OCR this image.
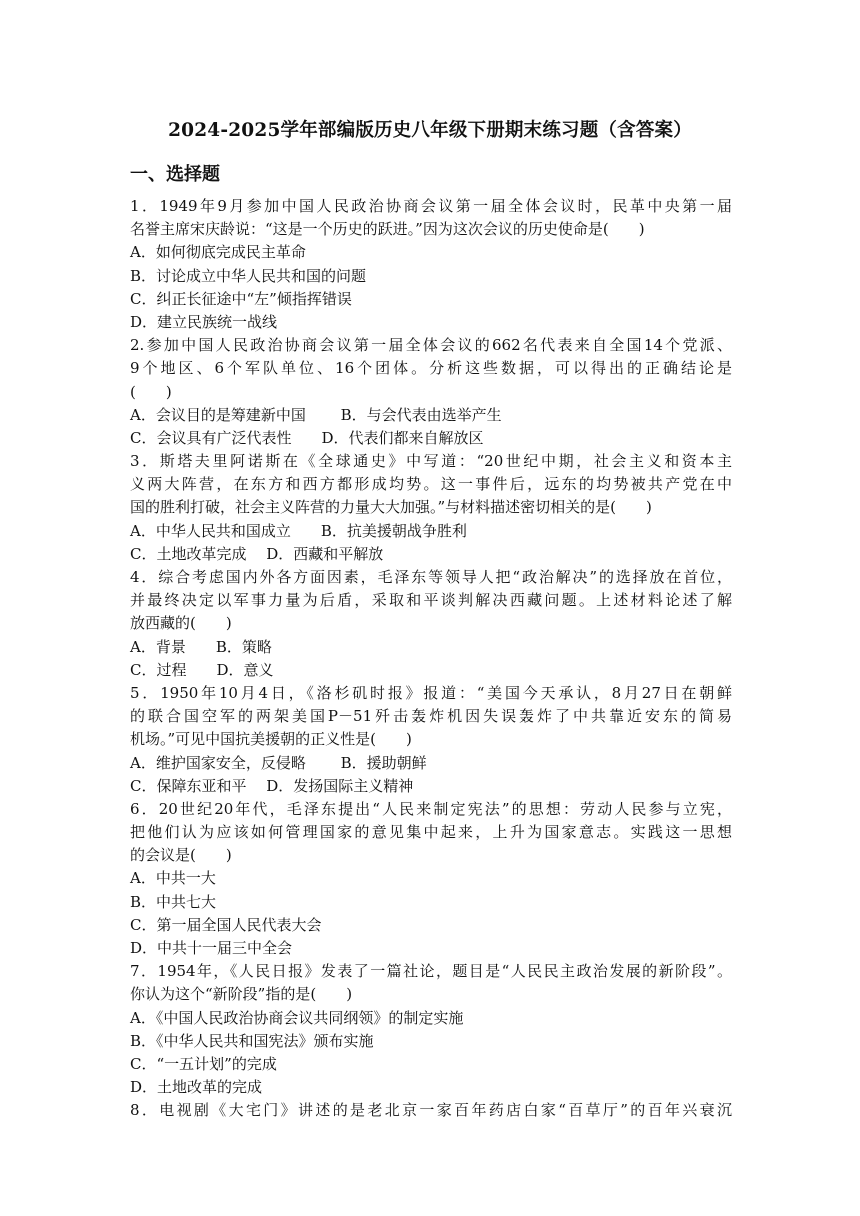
2024-2025学年部编版历史八年级下册期末练习题（含答案）
一、选择题
1．1949年9月参加中国人民政治协商会议第一届全体会议时，民革中央第一届
名誉主席宋庆龄说：“这是一个历史的跃进。”因为这次会议的历史使命是(　　)
A．如何彻底完成民主革命
B．讨论成立中华人民共和国的问题
C．纠正长征途中“左”倾指挥错误
D．建立民族统一战线
2.参加中国人民政治协商会议第一届全体会议的662名代表来自全国14个党派、
9个地区、6个军队单位、16个团体。分析这些数据，可以得出的正确结论是
(　　)
A．会议目的是筹建新中国　　 B．与会代表由选举产生
C．会议具有广泛代表性　　D．代表们都来自解放区
3．斯塔夫里阿诺斯在《全球通史》中写道：“20世纪中期，社会主义和资本主
义两大阵营，在东方和西方都形成均势。这一事件后，远东的均势被共产党在中
国的胜利打破，社会主义阵营的力量大大加强。”与材料描述密切相关的是(　　)
A．中华人民共和国成立　　B．抗美援朝战争胜利
C．土地改革完成　 D．西藏和平解放
4．综合考虑国内外各方面因素，毛泽东等领导人把“政治解决”的选择放在首位，
并最终决定以军事力量为后盾，采取和平谈判解决西藏问题。上述材料论述了解
放西藏的(　　)
A．背景　　B．策略
C．过程　　D．意义
5．1950年10月4日，《洛杉矶时报》报道：“美国今天承认，8月27日在朝鲜
的联合国空军的两架美国P－51歼击轰炸机因失误轰炸了中共靠近安东的简易
机场。”可见中国抗美援朝的正义性是(　　)
A．维护国家安全，反侵略　　 B．援助朝鲜
C．保障东亚和平　 D．发扬国际主义精神
6．20世纪20年代，毛泽东提出“人民来制定宪法”的思想：劳动人民参与立宪，
把他们认为应该如何管理国家的意见集中起来，上升为国家意志。实践这一思想
的会议是(　　)
A．中共一大
B．中共七大
C．第一届全国人民代表大会
D．中共十一届三中全会
7．1954年，《人民日报》发表了一篇社论，题目是“人民民主政治发展的新阶段”。
你认为这个“新阶段”指的是(　　)
A．《中国人民政治协商会议共同纲领》的制定实施
B．《中华人民共和国宪法》颁布实施
C．“一五计划”的完成
D．土地改革的完成
8．电视剧《大宅门》讲述的是老北京一家百年药店白家“百草厅”的百年兴衰沉
